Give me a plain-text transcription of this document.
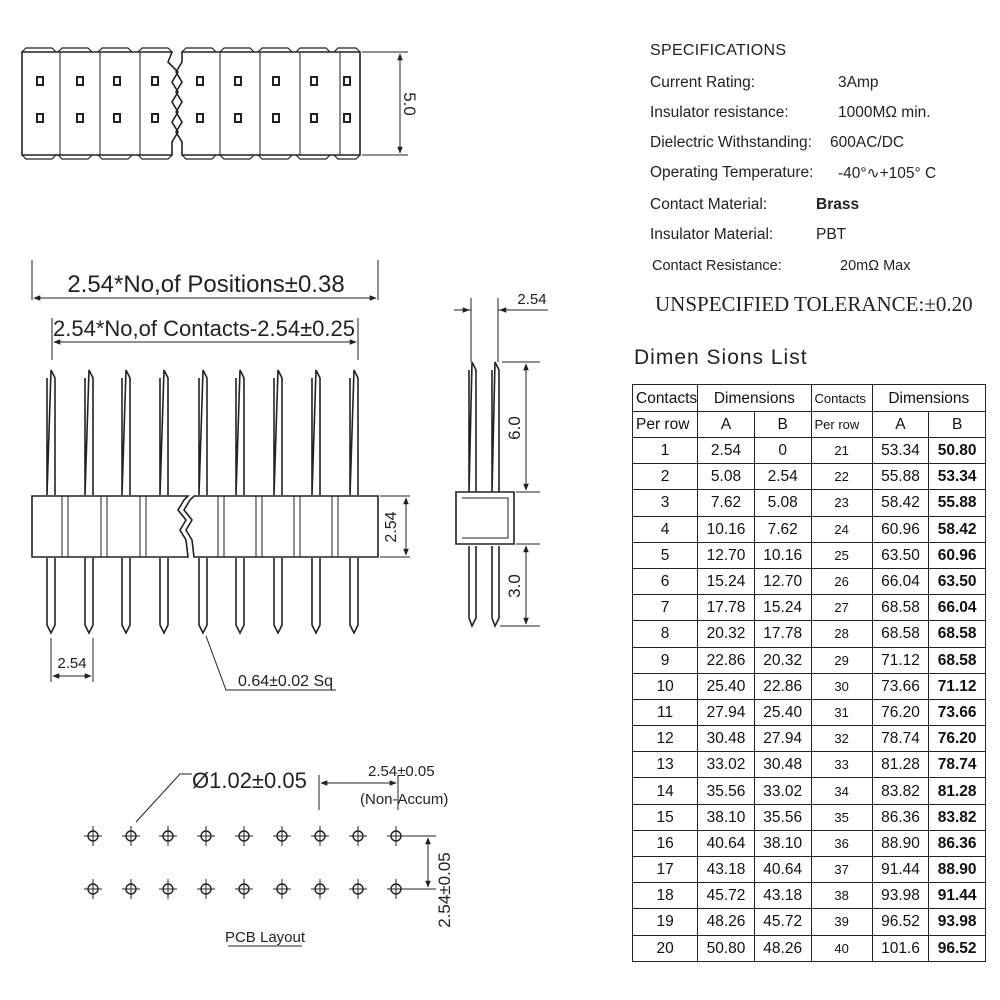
5.0
2.54*No,of Positions±0.38
2.54*No,of Contacts-2.54±0.25
2.54
2.54
0.64±0.02 Sq
2.54
6.0
3.0
Ø1.02±0.05	2.54±0.05
(Non-Accum)
2.54±0.05
PCB Layout
SPECIFICATIONS
Current Rating:	3Amp
Insulator resistance:	1000MΩ min.
Dielectric Withstanding: 600AC/DC
Operating Temperature: -40°∿+105° C
Contact Material:	Brass
Insulator Material:	PBT
Contact Resistance:	20mΩ Max
UNSPECIFIED TOLERANCE:±0.20
Dimen Sions List
Contacts	Dimensions		Contacts	Dimensions	
Per row	A	B	Per row	A	B
1	2.54	0	21	53.34	50.80
2	5.08	2.54	22	55.88	53.34
3	7.62	5.08	23	58.42	55.88
4	10.16	7.62	24	60.96	58.42
5	12.70	10.16	25	63.50	60.96
6	15.24	12.70	26	66.04	63.50
7	17.78	15.24	27	68.58	66.04
8	20.32	17.78	28	68.58	68.58
9	22.86	20.32	29	71.12	68.58
10	25.40	22.86	30	73.66	71.12
11	27.94	25.40	31	76.20	73.66
12	30.48	27.94	32	78.74	76.20
13	33.02	30.48	33	81.28	78.74
14	35.56	33.02	34	83.82	81.28
15	38.10	35.56	35	86.36	83.82
16	40.64	38.10	36	88.90	86.36
17	43.18	40.64	37	91.44	88.90
18	45.72	43.18	38	93.98	91.44
19	48.26	45.72	39	96.52	93.98
20	50.80	48.26	40	101.6	96.52
